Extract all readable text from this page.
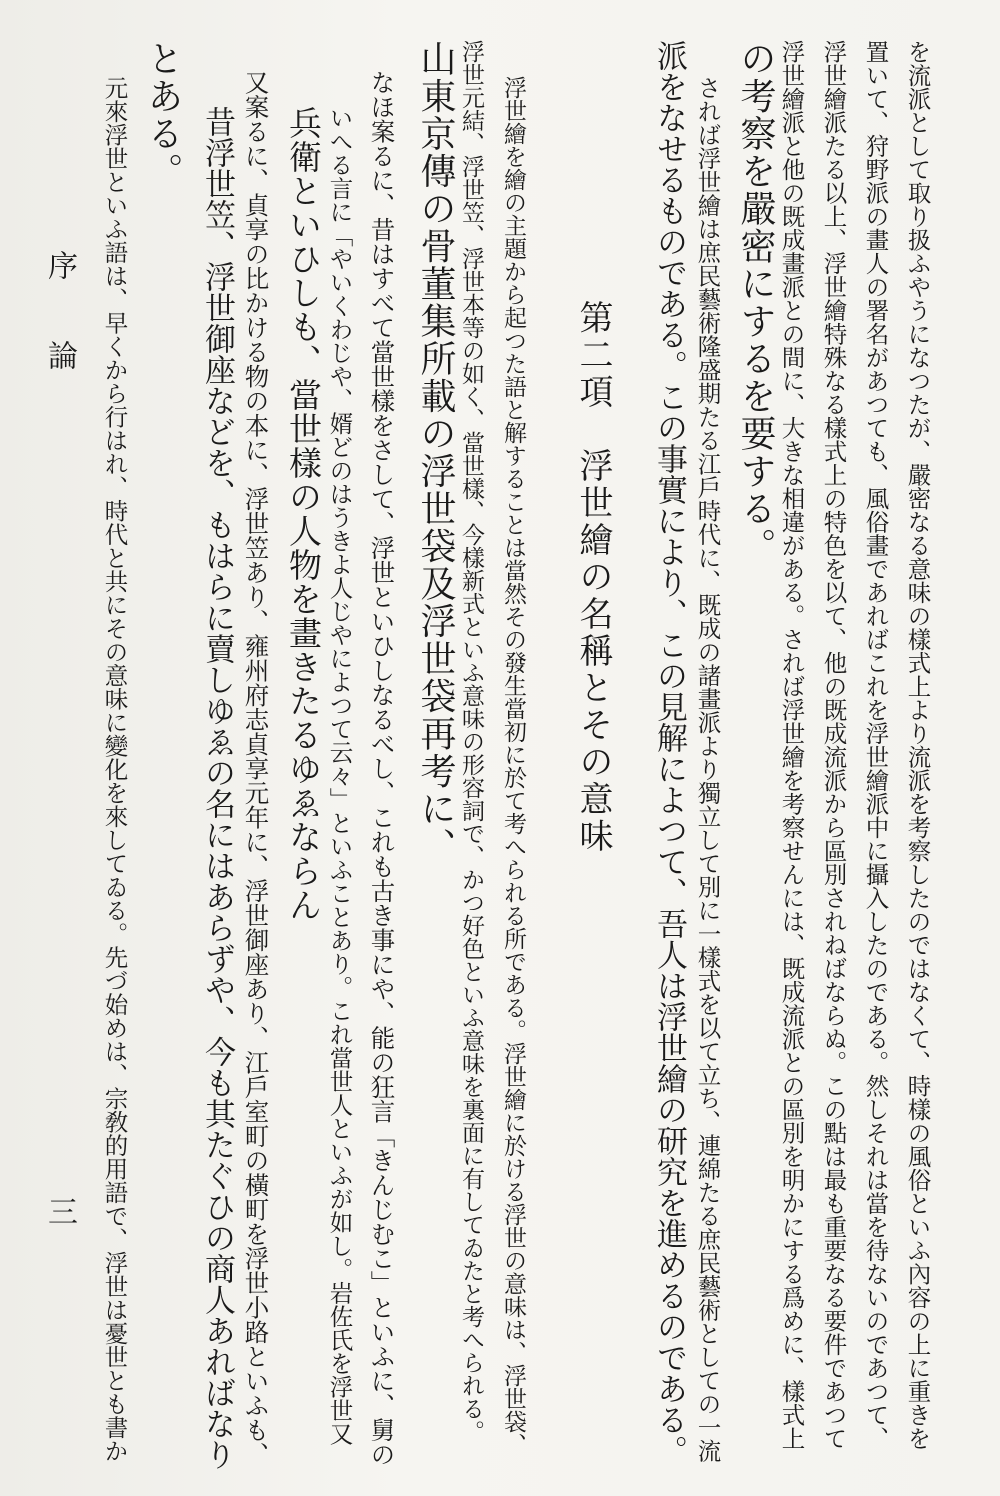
を流派として取り扱ふやうになつたが、嚴密なる意味の樣式上より流派を考察したのではなくて、時樣の風俗といふ內容の上に重きを
置いて、狩野派の畫人の署名があつても、風俗畫であればこれを浮世繪派中に攝入したのである。然しそれは當を待ないのであつて、
浮世繪派たる以上、浮世繪特殊なる樣式上の特色を以て、他の既成流派から區別されねばならぬ。この點は最も重要なる要件であつて
浮世繪派と他の既成畫派との間に、大きな相違がある。されば浮世繪を考察せんには、既成流派との區別を明かにする爲めに、樣式上
の考察を嚴密にするを要する。
されば浮世繪は庶民藝術隆盛期たる江戶時代に、既成の諸畫派より獨立して別に一樣式を以て立ち、連綿たる庶民藝術としての一流
派をなせるものである。この事實により、この見解によつて、吾人は浮世繪の研究を進めるのである。
第二項　浮世繪の名稱とその意味
浮世繪を繪の主題から起つた語と解することは當然その發生當初に於て考へられる所である。浮世繪に於ける浮世の意味は、浮世袋、
浮世元結、浮世笠、浮世本等の如く、當世樣、今樣新式といふ意味の形容詞で、かつ好色といふ意味を裏面に有してゐたと考へられる。
山東京傳の骨董集所載の浮世袋及浮世袋再考に、
なほ案るに、昔はすべて當世樣をさして、浮世といひしなるべし、これも古き事にや、能の狂言「きんじむこ」といふに、舅の
いへる言に「やいくわじや、婿どのはうきよ人じやによつて云々」といふことあり。これ當世人といふが如し。岩佐氏を浮世又
兵衛といひしも、當世樣の人物を畫きたるゆゑならん
又案るに、貞享の比かける物の本に、浮世笠あり、雍州府志貞享元年に、浮世御座あり、江戶室町の橫町を浮世小路といふも、
昔浮世笠、浮世御座などを、もはらに賣しゆゑの名にはあらずや、今も其たぐひの商人あればなり
とある。
元來浮世といふ語は、早くから行はれ、時代と共にその意味に變化を來してゐる。先づ始めは、宗敎的用語で、浮世は憂世とも書か
序　　論
三
